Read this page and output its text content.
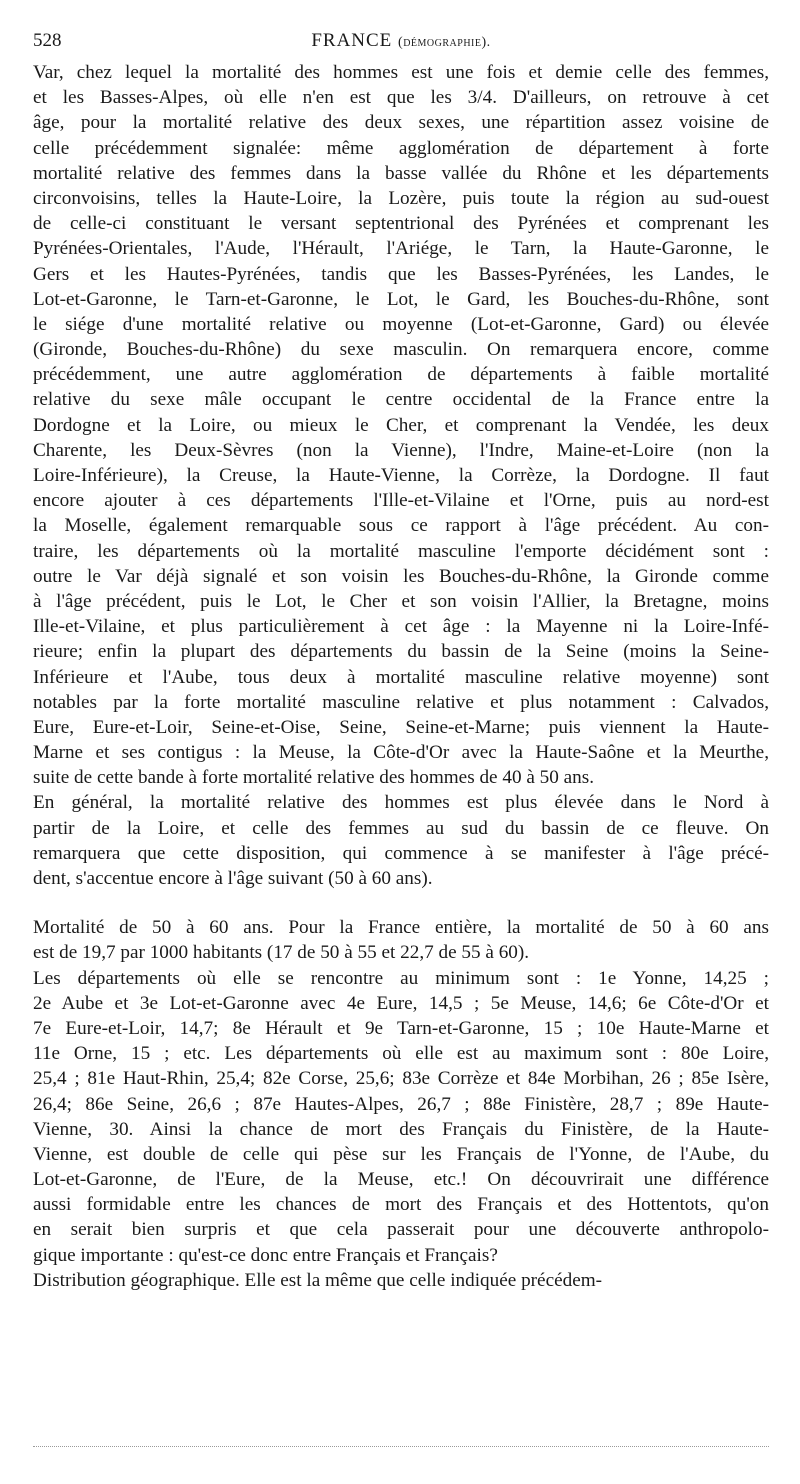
528	FRANCE (démographie).
Var, chez lequel la mortalité des hommes est une fois et demie celle des femmes,
et les Basses-Alpes, où elle n'en est que les 3/4. D'ailleurs, on retrouve à cet
âge, pour la mortalité relative des deux sexes, une répartition assez voisine de
celle précédemment signalée: même agglomération de département à forte
mortalité relative des femmes dans la basse vallée du Rhône et les départements
circonvoisins, telles la Haute-Loire, la Lozère, puis toute la région au sud-ouest
de celle-ci constituant le versant septentrional des Pyrénées et comprenant les
Pyrénées-Orientales, l'Aude, l'Hérault, l'Ariége, le Tarn, la Haute-Garonne, le
Gers et les Hautes-Pyrénées, tandis que les Basses-Pyrénées, les Landes, le
Lot-et-Garonne, le Tarn-et-Garonne, le Lot, le Gard, les Bouches-du-Rhône, sont
le siége d'une mortalité relative ou moyenne (Lot-et-Garonne, Gard) ou élevée
(Gironde, Bouches-du-Rhône) du sexe masculin. On remarquera encore, comme
précédemment, une autre agglomération de départements à faible mortalité
relative du sexe mâle occupant le centre occidental de la France entre la
Dordogne et la Loire, ou mieux le Cher, et comprenant la Vendée, les deux
Charente, les Deux-Sèvres (non la Vienne), l'Indre, Maine-et-Loire (non la
Loire-Inférieure), la Creuse, la Haute-Vienne, la Corrèze, la Dordogne. Il faut
encore ajouter à ces départements l'Ille-et-Vilaine et l'Orne, puis au nord-est
la Moselle, également remarquable sous ce rapport à l'âge précédent. Au con-
traire, les départements où la mortalité masculine l'emporte décidément sont :
outre le Var déjà signalé et son voisin les Bouches-du-Rhône, la Gironde comme
à l'âge précédent, puis le Lot, le Cher et son voisin l'Allier, la Bretagne, moins
Ille-et-Vilaine, et plus particulièrement à cet âge : la Mayenne ni la Loire-Infé-
rieure; enfin la plupart des départements du bassin de la Seine (moins la Seine-
Inférieure et l'Aube, tous deux à mortalité masculine relative moyenne) sont
notables par la forte mortalité masculine relative et plus notamment : Calvados,
Eure, Eure-et-Loir, Seine-et-Oise, Seine, Seine-et-Marne; puis viennent la Haute-
Marne et ses contigus : la Meuse, la Côte-d'Or avec la Haute-Saône et la Meurthe,
suite de cette bande à forte mortalité relative des hommes de 40 à 50 ans.
En général, la mortalité relative des hommes est plus élevée dans le Nord à
partir de la Loire, et celle des femmes au sud du bassin de ce fleuve. On
remarquera que cette disposition, qui commence à se manifester à l'âge précé-
dent, s'accentue encore à l'âge suivant (50 à 60 ans).
Mortalité de 50 à 60 ans. Pour la France entière, la mortalité de 50 à 60 ans
est de 19,7 par 1000 habitants (17 de 50 à 55 et 22,7 de 55 à 60).
Les départements où elle se rencontre au minimum sont : 1e Yonne, 14,25 ;
2e Aube et 3e Lot-et-Garonne avec 4e Eure, 14,5 ; 5e Meuse, 14,6; 6e Côte-d'Or et
7e Eure-et-Loir, 14,7; 8e Hérault et 9e Tarn-et-Garonne, 15 ; 10e Haute-Marne et
11e Orne, 15 ; etc. Les départements où elle est au maximum sont : 80e Loire,
25,4 ; 81e Haut-Rhin, 25,4; 82e Corse, 25,6; 83e Corrèze et 84e Morbihan, 26 ; 85e Isère,
26,4; 86e Seine, 26,6 ; 87e Hautes-Alpes, 26,7 ; 88e Finistère, 28,7 ; 89e Haute-
Vienne, 30. Ainsi la chance de mort des Français du Finistère, de la Haute-
Vienne, est double de celle qui pèse sur les Français de l'Yonne, de l'Aube, du
Lot-et-Garonne, de l'Eure, de la Meuse, etc.! On découvrirait une différence
aussi formidable entre les chances de mort des Français et des Hottentots, qu'on
en serait bien surpris et que cela passerait pour une découverte anthropolo-
gique importante : qu'est-ce donc entre Français et Français?
Distribution géographique. Elle est la même que celle indiquée précédem-
